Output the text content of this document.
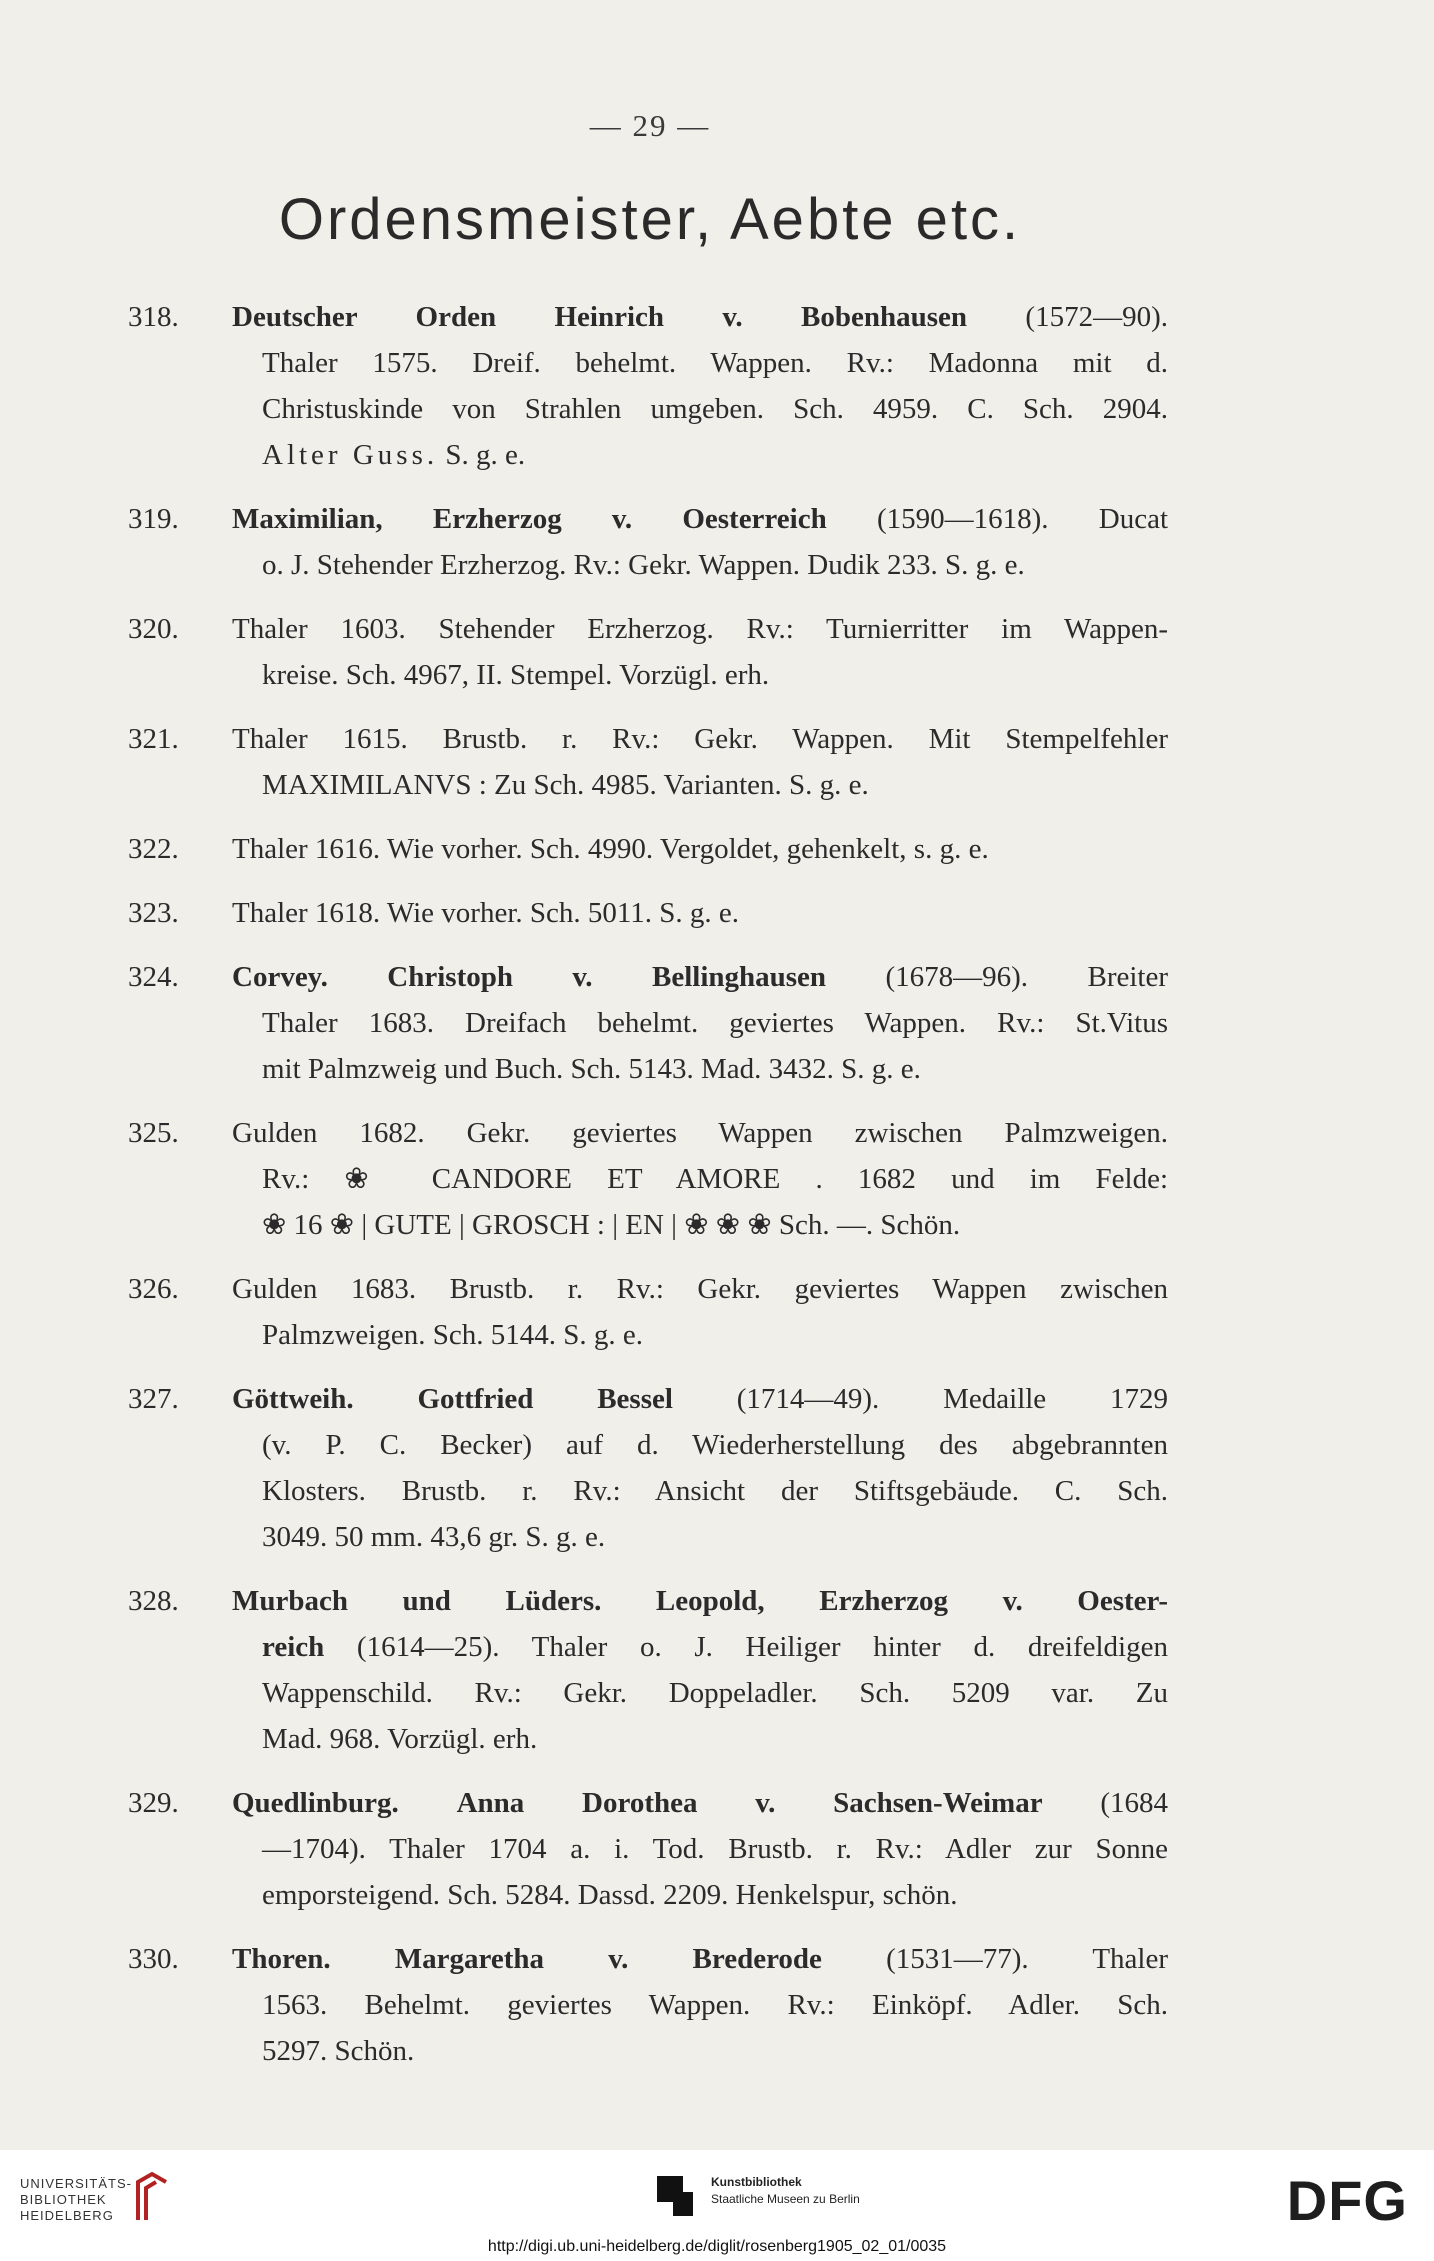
— 29 —
Ordensmeister, Aebte etc.
318.	Deutscher Orden Heinrich v. Bobenhausen (1572—90).
Thaler 1575. Dreif. behelmt. Wappen. Rv.: Madonna mit d.
Christuskinde von Strahlen umgeben. Sch. 4959. C. Sch. 2904.
Alter Guss. S. g. e.
319.	Maximilian, Erzherzog v. Oesterreich (1590—1618). Ducat
o. J. Stehender Erzherzog. Rv.: Gekr. Wappen. Dudik 233. S. g. e.
320.	Thaler 1603. Stehender Erzherzog. Rv.: Turnierritter im Wappen-
kreise. Sch. 4967, II. Stempel. Vorzügl. erh.
321.	Thaler 1615. Brustb. r. Rv.: Gekr. Wappen. Mit Stempelfehler
MAXIMILANVS : Zu Sch. 4985. Varianten. S. g. e.
322.	Thaler 1616. Wie vorher. Sch. 4990. Vergoldet, gehenkelt, s. g. e.
323.	Thaler 1618. Wie vorher. Sch. 5011. S. g. e.
324.	Corvey. Christoph v. Bellinghausen (1678—96). Breiter
Thaler 1683. Dreifach behelmt. geviertes Wappen. Rv.: St.Vitus
mit Palmzweig und Buch. Sch. 5143. Mad. 3432. S. g. e.
325.	Gulden 1682. Gekr. geviertes Wappen zwischen Palmzweigen.
Rv.: ❀ CANDORE ET AMORE . 1682 und im Felde:
❀ 16 ❀ | GUTE | GROSCH : | EN | ❀ ❀ ❀ Sch. —. Schön.
326.	Gulden 1683. Brustb. r. Rv.: Gekr. geviertes Wappen zwischen
Palmzweigen. Sch. 5144. S. g. e.
327.	Göttweih. Gottfried Bessel (1714—49). Medaille 1729
(v. P. C. Becker) auf d. Wiederherstellung des abgebrannten
Klosters. Brustb. r. Rv.: Ansicht der Stiftsgebäude. C. Sch.
3049. 50 mm. 43,6 gr. S. g. e.
328.	Murbach und Lüders. Leopold, Erzherzog v. Oester-
reich (1614—25). Thaler o. J. Heiliger hinter d. dreifeldigen
Wappenschild. Rv.: Gekr. Doppeladler. Sch. 5209 var. Zu
Mad. 968. Vorzügl. erh.
329.	Quedlinburg. Anna Dorothea v. Sachsen-Weimar (1684
—1704). Thaler 1704 a. i. Tod. Brustb. r. Rv.: Adler zur Sonne
emporsteigend. Sch. 5284. Dassd. 2209. Henkelspur, schön.
330.	Thoren. Margaretha v. Brederode (1531—77). Thaler
1563. Behelmt. geviertes Wappen. Rv.: Einköpf. Adler. Sch.
5297. Schön.
UNIVERSITÄTS-
BIBLIOTHEK
HEIDELBERG
Kunstbibliothek
Staatliche Museen zu Berlin	DFG
http://digi.ub.uni-heidelberg.de/diglit/rosenberg1905_02_01/0035
